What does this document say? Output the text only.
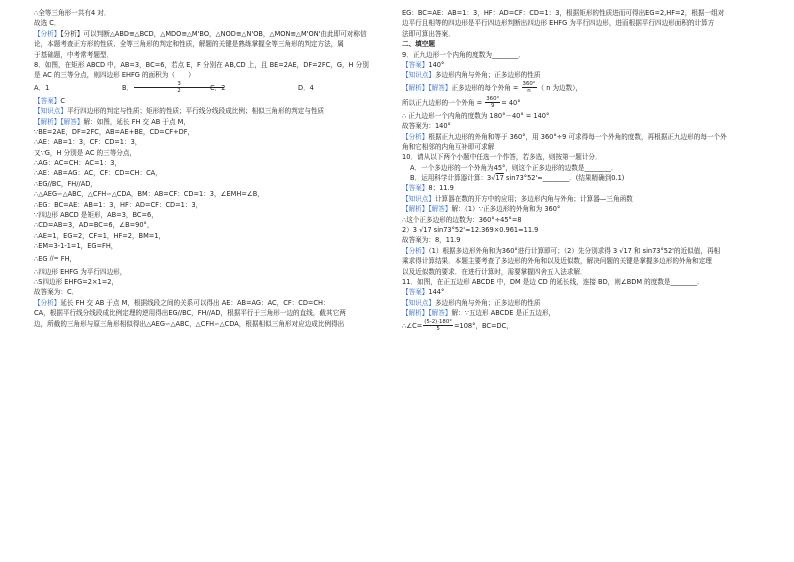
∴全等三角形一共有4 对．
故选 C．
【分析】【分析】可以判断△ABD≅△BCD，△MDO≅△M'BO，△NOD≅△N'OB，△MON≅△M'ON'由此即可对称信
论，本题考查正方形的性质、全等三角形的判定和性质，解题的关键是熟练掌握全等三角形的判定方法，属
于基础题，中考常考题型．
8．如图，在矩形 ABCD 中，AB=3，BC=6，若点 E，F 分别在 AB,CD 上，且 BE=2AE，DF=2FC，G，H 分别
是 AC 的三等分点，则四边形 EHFG 的面积为（　　）
A．1	B． $\frac{3}{2}$
C．2	D．4
【答案】C
【知识点】平行四边形的判定与性质；矩形的性质；平行线分线段成比例；相似三角形的判定与性质
【解析】【解答】解：如图，延长 FH 交 AB 于点 M，
∵BE=2AE，DF=2FC，AB=AE+BE，CD=CF+DF，
∴AE：AB=1：3，CF：CD=1：3，
又∵G，H 分别是 AC 的三等分点，
∴AG：AC=CH：AC=1：3，
∴AE：AB=AG：AC，CF：CD=CH：CA，
∴EG//BC，FH//AD，
∴△AEG∽△ABC，△CFH∽△CDA，BM：AB=CF：CD=1：3，∠EMH=∠B，
∴EG：BC=AE：AB=1：3，HF：AD=CF：CD=1：3，
∵四边形 ABCD 是矩形，AB=3，BC=6，
∴CD=AB=3，AD=BC=6，∠B=90°，
∴AE=1，EG=2，CF=1，HF=2，BM=1，
∴EM=3-1-1=1，EG=FH，
∴EG //= FH，
∴四边形 EHFG 为平行四边形，
∴S四边形 EHFG=2×1=2，
故答案为：C．
【分析】延长 FH 交 AB 于点 M，根据线段之间的关系可以得出 AE：AB=AG：AC，CF：CD=CH：
CA，根据平行线分线段成比例定理的逆用得出EG//BC，FH//AD，根据平行于三角形一边的直线，截其它两
边，所截的三角形与原三角形相似得出△AEG∽△ABC，△CFH∽△CDA，根据相似三角形对应边成比例得出
EG：BC=AE：AB=1：3，HF：AD=CF：CD=1：3，根据矩形的性质进而可得出EG=2,HF=2，根据一组对
边平行且相等的四边形是平行四边形判断出四边形 EHFG 为平行四边形，进而根据平行四边形面积的计算方
法即可算出答案．
二、填空题
9．正九边形一个内角的度数为________．
【答案】140°
【知识点】多边形内角与外角；正多边形的性质
【解析】【解答】正多边形的每个外角 = $\frac{360^\circ}{n}$ （ n 为边数），
所以正九边形的一个外角 = $\frac{360^\circ}{9} = 40^\circ$
∴ 正九边形一个内角的度数为 180°－40° = 140°
故答案为：140°
【分析】根据正九边形的外角和等于 360°，用 360°÷9 可求得每一个外角的度数，再根据正九边形的每一个外
角和它相邻的内角互补即可求解
10．请从以下两个小题中任选一个作答，若多选，则按第一题计分．
A．一个多边形的一个外角为45°，则这个正多边形的边数是________．
B．运用科学计算器计算：3√17 sin73°52'≈________．(结果精确到0.1)
【答案】8；11.9
【知识点】计算器在数的开方中的应用；多边形内角与外角；计算器—三角函数
【解析】【解答】解：（1）∵正多边形的外角和为 360°
∴这个正多边形的边数为：360°÷45°=8
2）3 √17 sin73°52'≈12.369×0.961≈11.9
故答案为：8，11.9
【分析】（1）根据多边形外角和为360°进行计算即可；（2）先分别求得 3 √17 和 sin73°52'的近似值，再相
乘求得计算结果．本题主要考查了多边形的外角和以及近似数，解决问题的关键是掌握多边形的外角和定理
以及近似数的要求．在进行计算时，需要掌握四舍五入法求解．
11．如图，在正五边形 ABCDE 中，DM 是边 CD 的延长线，连接 BD，则∠BDM 的度数是________．
【答案】144°
【知识点】多边形内角与外角；正多边形的性质
【解析】【解答】解：∵五边形 ABCDE 是正五边形，
∴∠C= $\frac{(5-2)\cdot 180^\circ}{5} =108^\circ$，BC=DC，
